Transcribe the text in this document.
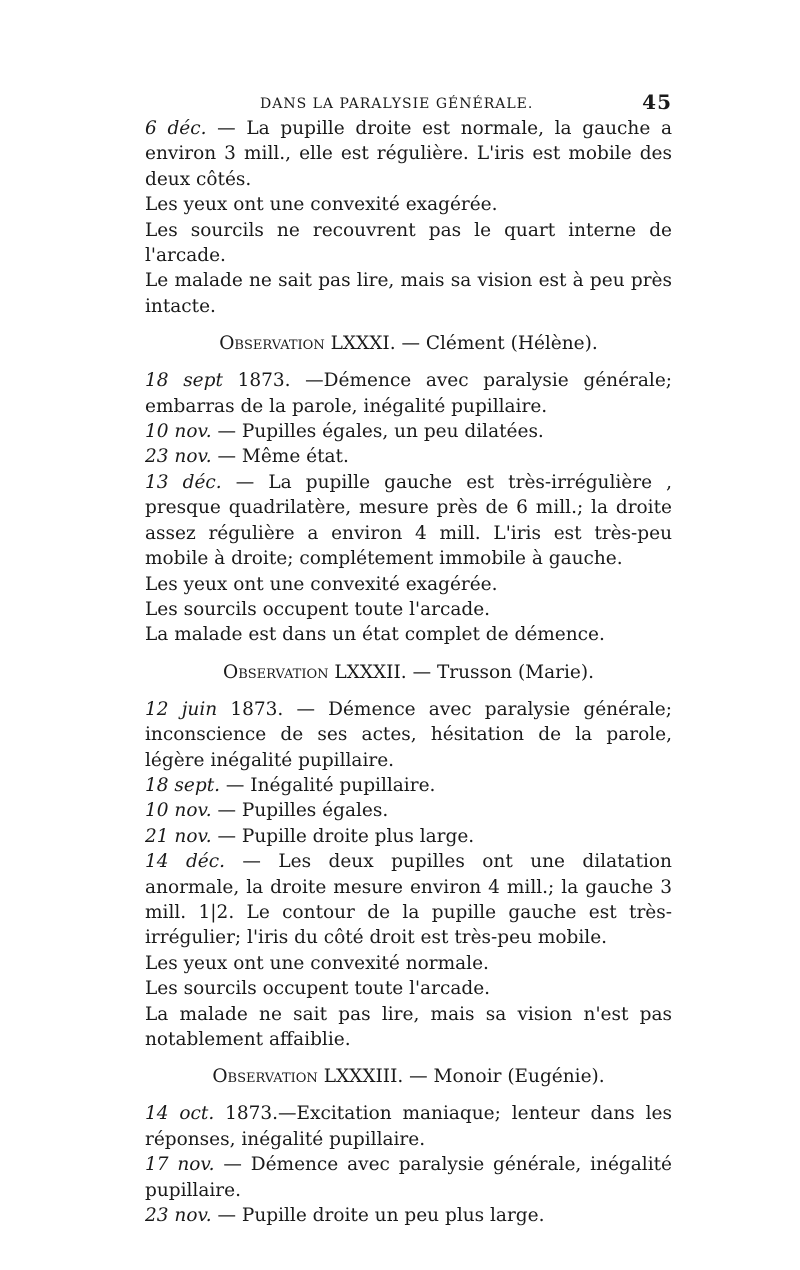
DANS LA PARALYSIE GÉNÉRALE.	45

6 déc. — La pupille droite est normale, la gauche a environ 3 mill., elle est régulière. L'iris est mobile des deux côtés.

Les yeux ont une convexité exagérée.

Les sourcils ne recouvrent pas le quart interne de l'arcade.

Le malade ne sait pas lire, mais sa vision est à peu près intacte.

Observation LXXXI. — Clément (Hélène).

18 sept 1873. —Démence avec paralysie générale; embarras de la parole, inégalité pupillaire.

10 nov. — Pupilles égales, un peu dilatées.

23 nov. — Même état.

13 déc. — La pupille gauche est très-irrégulière , presque quadrilatère, mesure près de 6 mill.; la droite assez régulière a environ 4 mill. L'iris est très-peu mobile à droite; complétement immobile à gauche.

Les yeux ont une convexité exagérée.

Les sourcils occupent toute l'arcade.

La malade est dans un état complet de démence.

Observation LXXXII. — Trusson (Marie).

12 juin 1873. — Démence avec paralysie générale; inconscience de ses actes, hésitation de la parole, légère inégalité pupillaire.

18 sept. — Inégalité pupillaire.

10 nov. — Pupilles égales.

21 nov. — Pupille droite plus large.

14 déc. — Les deux pupilles ont une dilatation anormale, la droite mesure environ 4 mill.; la gauche 3 mill. 1|2. Le contour de la pupille gauche est très-irrégulier; l'iris du côté droit est très-peu mobile.

Les yeux ont une convexité normale.

Les sourcils occupent toute l'arcade.

La malade ne sait pas lire, mais sa vision n'est pas notablement affaiblie.

Observation LXXXIII. — Monoir (Eugénie).

14 oct. 1873.—Excitation maniaque; lenteur dans les réponses, inégalité pupillaire.

17 nov. — Démence avec paralysie générale, inégalité pupillaire.

23 nov. — Pupille droite un peu plus large.
